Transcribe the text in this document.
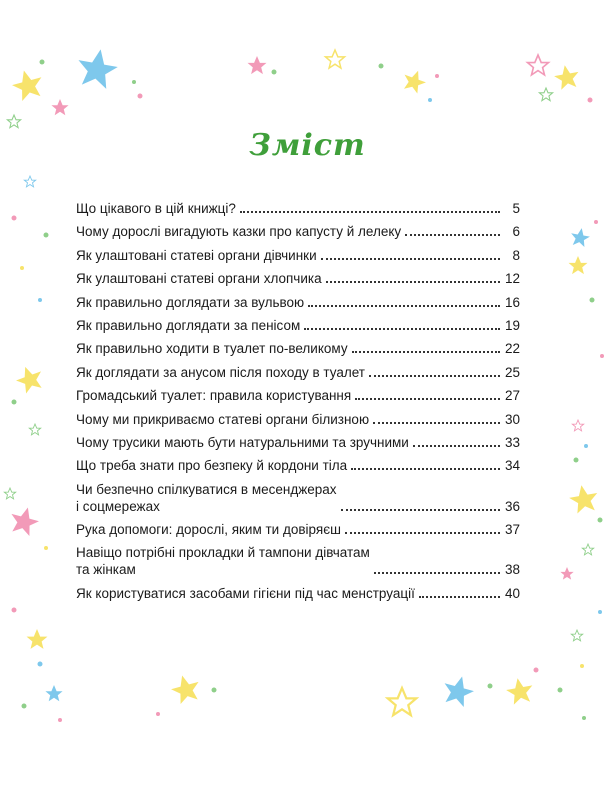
Зміст
Що цікавого в цій книжці?	5
Чому дорослі вигадують казки про капусту й лелеку	6
Як улаштовані статеві органи дівчинки	8
Як улаштовані статеві органи хлопчика	12
Як правильно доглядати за вульвою	16
Як правильно доглядати за пенісом	19
Як правильно ходити в туалет по-великому	22
Як доглядати за анусом після походу в туалет	25
Громадський туалет: правила користування	27
Чому ми прикриваємо статеві органи білизною	30
Чому трусики мають бути натуральними та зручними	33
Що треба знати про безпеку й кордони тіла	34
Чи безпечно спілкуватися в месенджерах
і соцмережах	36
Рука допомоги: дорослі, яким ти довіряєш	37
Навіщо потрібні прокладки й тампони дівчатам
та жінкам	38
Як користуватися засобами гігієни під час менструації	40
